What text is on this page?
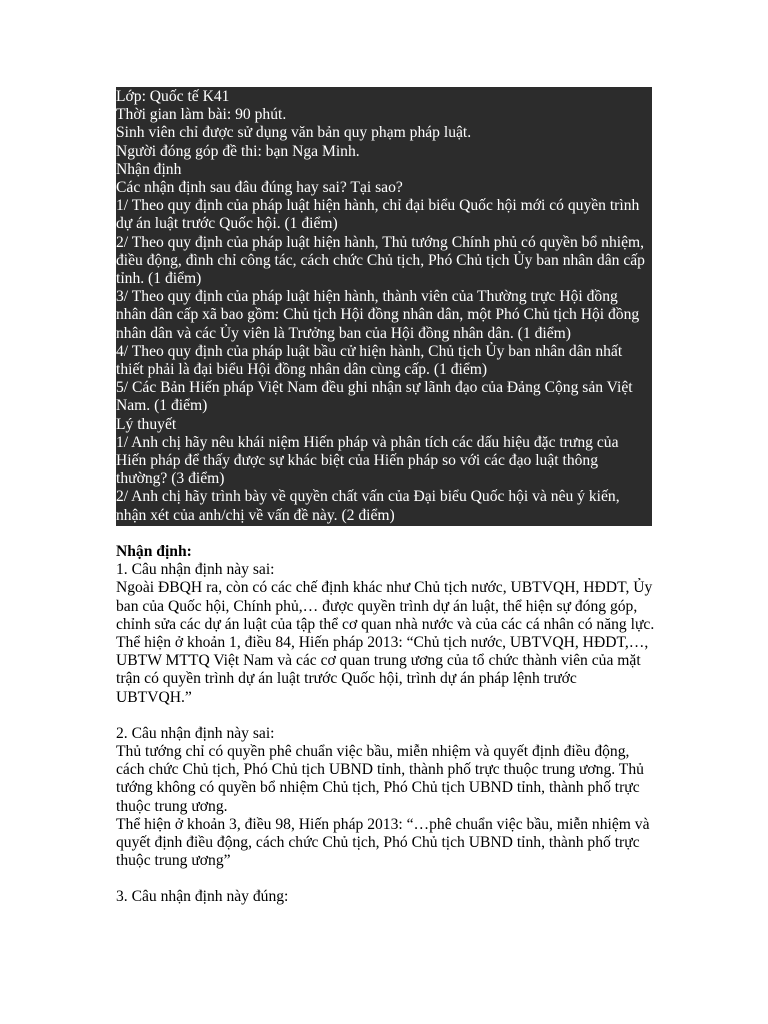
Lớp: Quốc tế K41
Thời gian làm bài: 90 phút.
Sinh viên chỉ được sử dụng văn bản quy phạm pháp luật.
Người đóng góp đề thi: bạn Nga Minh.
Nhận định
Các nhận định sau đâu đúng hay sai? Tại sao?
1/ Theo quy định của pháp luật hiện hành, chỉ đại biểu Quốc hội mới có quyền trình dự án luật trước Quốc hội. (1 điểm)
2/ Theo quy định của pháp luật hiện hành, Thủ tướng Chính phủ có quyền bổ nhiệm, điều động, đình chỉ công tác, cách chức Chủ tịch, Phó Chủ tịch Ủy ban nhân dân cấp tỉnh. (1 điểm)
3/ Theo quy định của pháp luật hiện hành, thành viên của Thường trực Hội đồng nhân dân cấp xã bao gồm: Chủ tịch Hội đồng nhân dân, một Phó Chủ tịch Hội đồng nhân dân và các Ủy viên là Trưởng ban của Hội đồng nhân dân. (1 điểm)
4/ Theo quy định của pháp luật bầu cử hiện hành, Chủ tịch Ủy ban nhân dân nhất thiết phải là đại biểu Hội đồng nhân dân cùng cấp. (1 điểm)
5/ Các Bản Hiến pháp Việt Nam đều ghi nhận sự lãnh đạo của Đảng Cộng sản Việt Nam. (1 điểm)
Lý thuyết
1/ Anh chị hãy nêu khái niệm Hiến pháp và phân tích các dấu hiệu đặc trưng của Hiến pháp để thấy được sự khác biệt của Hiến pháp so với các đạo luật thông thường? (3 điểm)
2/ Anh chị hãy trình bày về quyền chất vấn của Đại biểu Quốc hội và nêu ý kiến, nhận xét của anh/chị về vấn đề này. (2 điểm)

Nhận định:

1. Câu nhận định này sai:

Ngoài ĐBQH ra, còn có các chế định khác như Chủ tịch nước, UBTVQH, HĐDT, Ủy ban của Quốc hội, Chính phủ,… được quyền trình dự án luật, thể hiện sự đóng góp, chỉnh sửa các dự án luật của tập thể cơ quan nhà nước và của các cá nhân có năng lực.

Thể hiện ở khoản 1, điều 84, Hiến pháp 2013: “Chủ tịch nước, UBTVQH, HĐDT,…, UBTW MTTQ Việt Nam và các cơ quan trung ương của tổ chức thành viên của mặt trận có quyền trình dự án luật trước Quốc hội, trình dự án pháp lệnh trước UBTVQH.”

2. Câu nhận định này sai:

Thủ tướng chỉ có quyền phê chuẩn việc bầu, miễn nhiệm và quyết định điều động, cách chức Chủ tịch, Phó Chủ tịch UBND tỉnh, thành phố trực thuộc trung ương. Thủ tướng không có quyền bổ nhiệm Chủ tịch, Phó Chủ tịch UBND tỉnh, thành phố trực thuộc trung ương.

Thể hiện ở khoản 3, điều 98, Hiến pháp 2013: “…phê chuẩn việc bầu, miễn nhiệm và quyết định điều động, cách chức Chủ tịch, Phó Chủ tịch UBND tỉnh, thành phố trực thuộc trung ương”

3. Câu nhận định này đúng:
